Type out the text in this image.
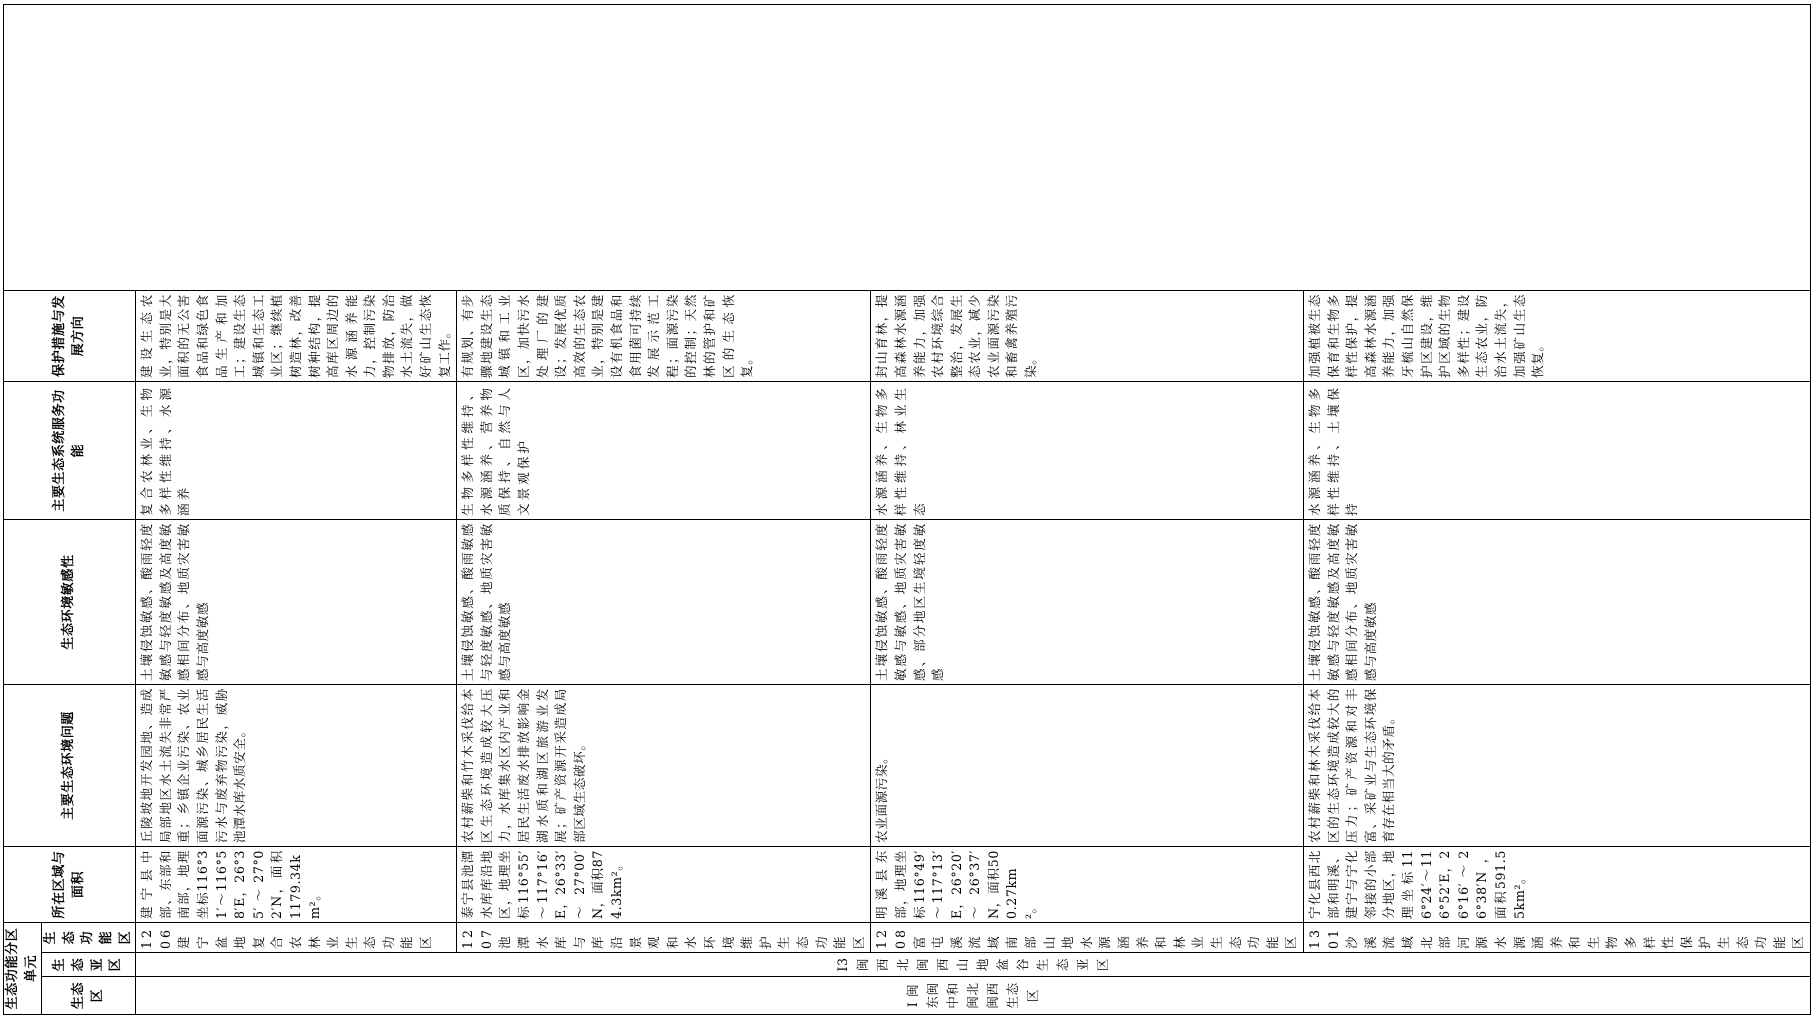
生态功能分区单元			所在区域与面积	主要生态环境问题	生态环境敏感性	主要生态系统服务功能	保护措施与发展方向
生态区	生态亚区	生态功能区					
Ⅰ 闽东闽中和闽北闽西生态区	Ⅰ3 闽西北闽西山地盆谷生态亚区	1206 建宁盆地复合农林业生态功能区	建宁县中部、东部和南部，地理坐标116°31′～116°58′E，26°35′～27°02′N，面积1179.34km²。	丘陵坡地开发园地、造成局部地区水土流失非常严重；乡镇企业污染、农业面源污染、城乡居民生活污水与废弃物污染，威胁池潭水库水质安全。	土壤侵蚀敏感、酸雨轻度敏感与轻度敏感及高度敏感相间分布、地质灾害敏感与高度敏感	复合农林业、生物多样性维持、水源涵养	建设生态农业，特别是大面积的无公害食品和绿色食品生产和加工；建设生态城镇和生态工业区；继续植树造林，改善树种结构，提高库区周边的水源涵养能力，控制污染物排放，防治水土流失，做好矿山生态恢复工作。
		1207 池潭水库与库沿景观和水环境维护生态功能区	泰宁县池潭水库库沿地区，地理坐标116°55′～117°16′E，26°33′～27°00′N，面积874.3km²。	农村薪柴和竹木采伐给本区生态环境造成较大压力，水库集水区内产业和居民生活废水排放影响金湖水质和湖区旅游业发展；矿产资源开采造成局部区域生态破坏。	土壤侵蚀敏感、酸雨敏感与轻度敏感、地质灾害敏感与高度敏感	生物多样性维持、水源涵养、营养物质保持、自然与人文景观保护	有规划、有步骤地建设生态城镇和工业区，加快污水处理厂的建设；发展优质高效的生态农业，特别是建设有机食品和食用菌可持续发展示范工程；面源污染的控制；天然林的管护和矿区的生态恢复。
		1208 富屯溪流域南部山地水源涵养和林业生态功能区	明溪县东部，地理坐标116°49′～117°13′E，26°20′～26°37′N，面积500.27km²。	农业面源污染。	土壤侵蚀敏感、酸雨轻度敏感与敏感、地质灾害敏感、部分地区生境轻度敏感	水源涵养、生物多样性维持、林业生态	封山育林，提高森林水源涵养能力，加强农村环境综合整治，发展生态农业，减少农业面源污染和畜禽养殖污染。
		1301 沙溪流域北部河源水源涵养和生物多样性保护生态功能区	宁化县西北部和明溪、建宁与宁化邻接的小部分地区，地理坐标116°24′～116°52′E，26°16′～26°38′N，面积591.55km²。	农村薪柴和林木采伐给本区的生态环境造成较大的压力；矿产资源和对丰富、采矿业与生态环境保育存在相当大的矛盾。	土壤侵蚀敏感、酸雨轻度敏感与轻度敏感及高度敏感相间分布、地质灾害敏感与高度敏感	水源涵养、生物多样性维持、土壤保持	加强植被生态保育和生物多样性保护，提高森林水源涵养能力，加强牙梳山自然保护区建设，维护区域的生物多样性；建设生态农业，防治水土流失，加强矿山生态恢复。
